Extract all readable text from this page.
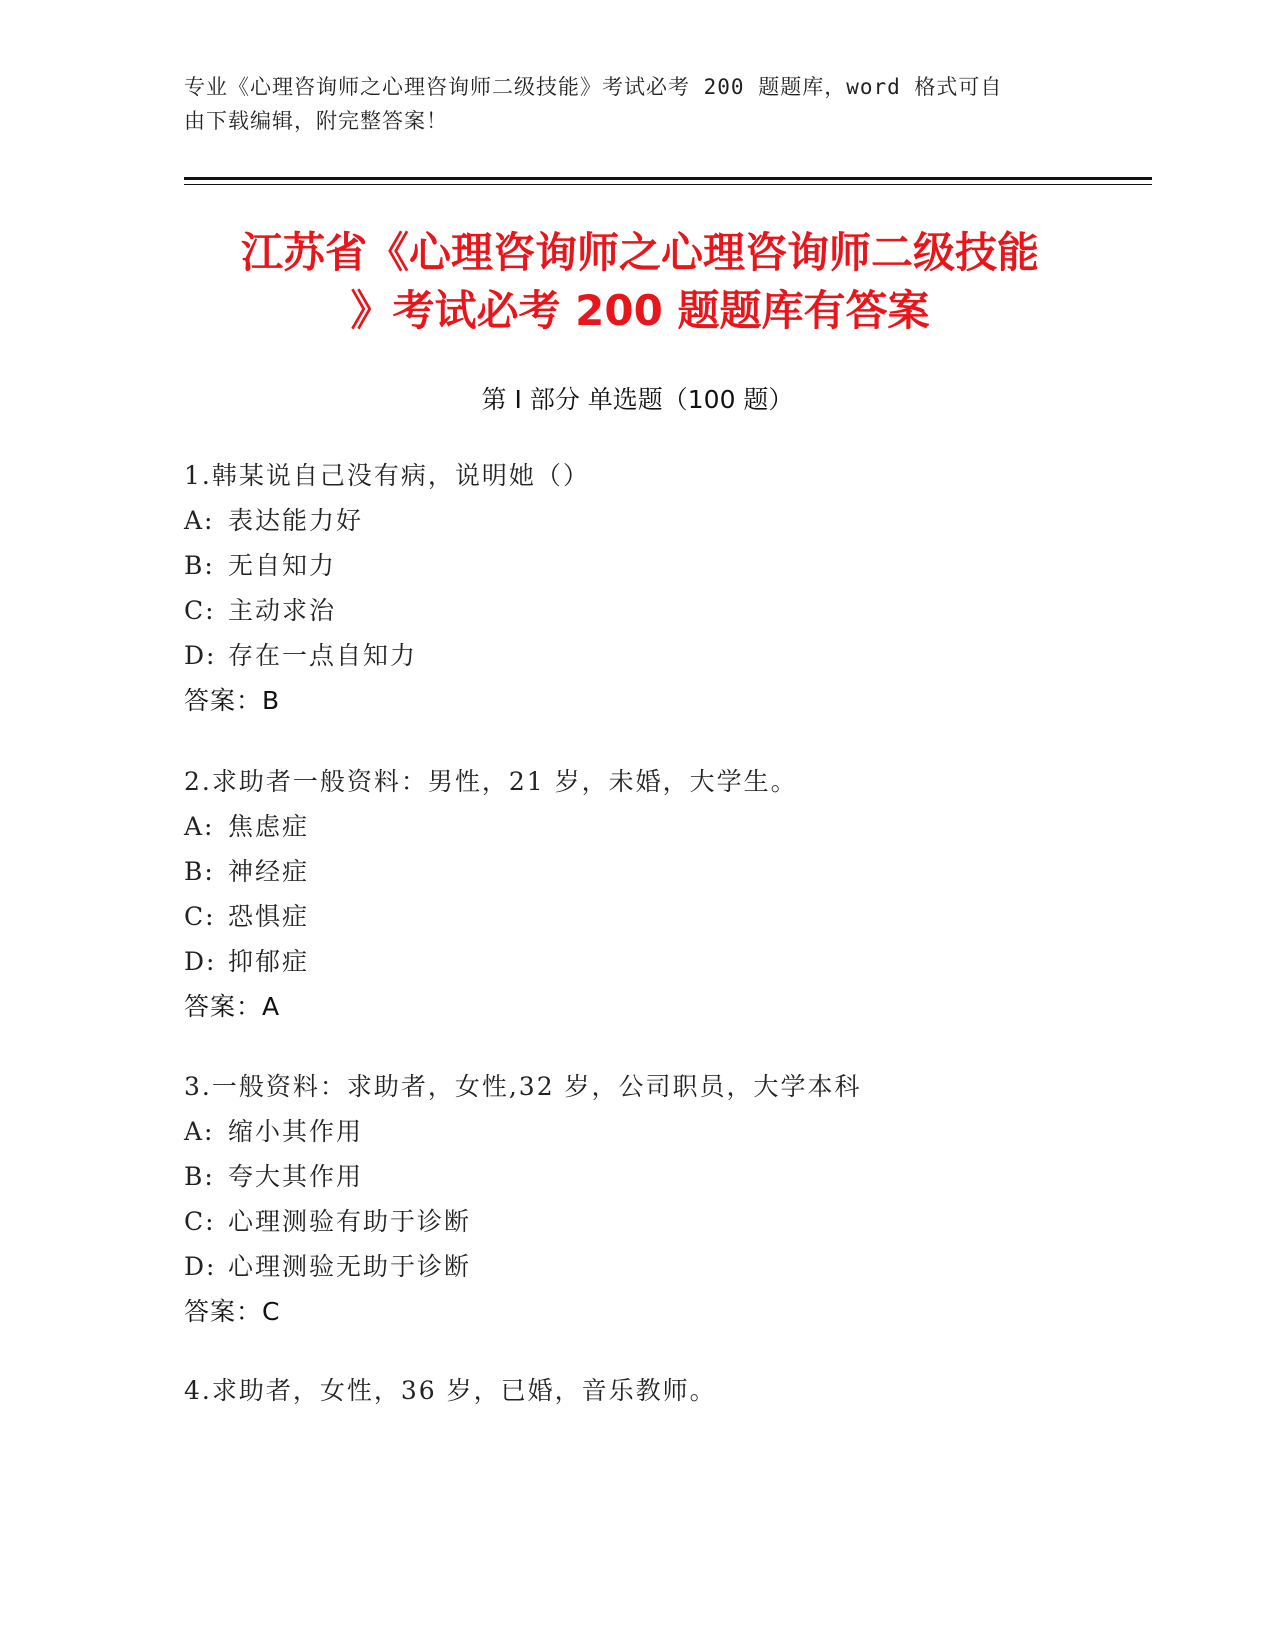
专业《心理咨询师之心理咨询师二级技能》考试必考 200 题题库，word 格式可自
由下载编辑，附完整答案！
江苏省《心理咨询师之心理咨询师二级技能
》考试必考 200 题题库有答案
第 I 部分 单选题（100 题）
1.韩某说自己没有病，说明她（）
A: 表达能力好
B: 无自知力
C: 主动求治
D: 存在一点自知力
答案：B
2.求助者一般资料：男性，21 岁，未婚，大学生。
A: 焦虑症
B: 神经症
C: 恐惧症
D: 抑郁症
答案：A
3.一般资料：求助者，女性,32 岁，公司职员，大学本科
A: 缩小其作用
B: 夸大其作用
C: 心理测验有助于诊断
D: 心理测验无助于诊断
答案：C
4.求助者，女性，36 岁，已婚，音乐教师。
